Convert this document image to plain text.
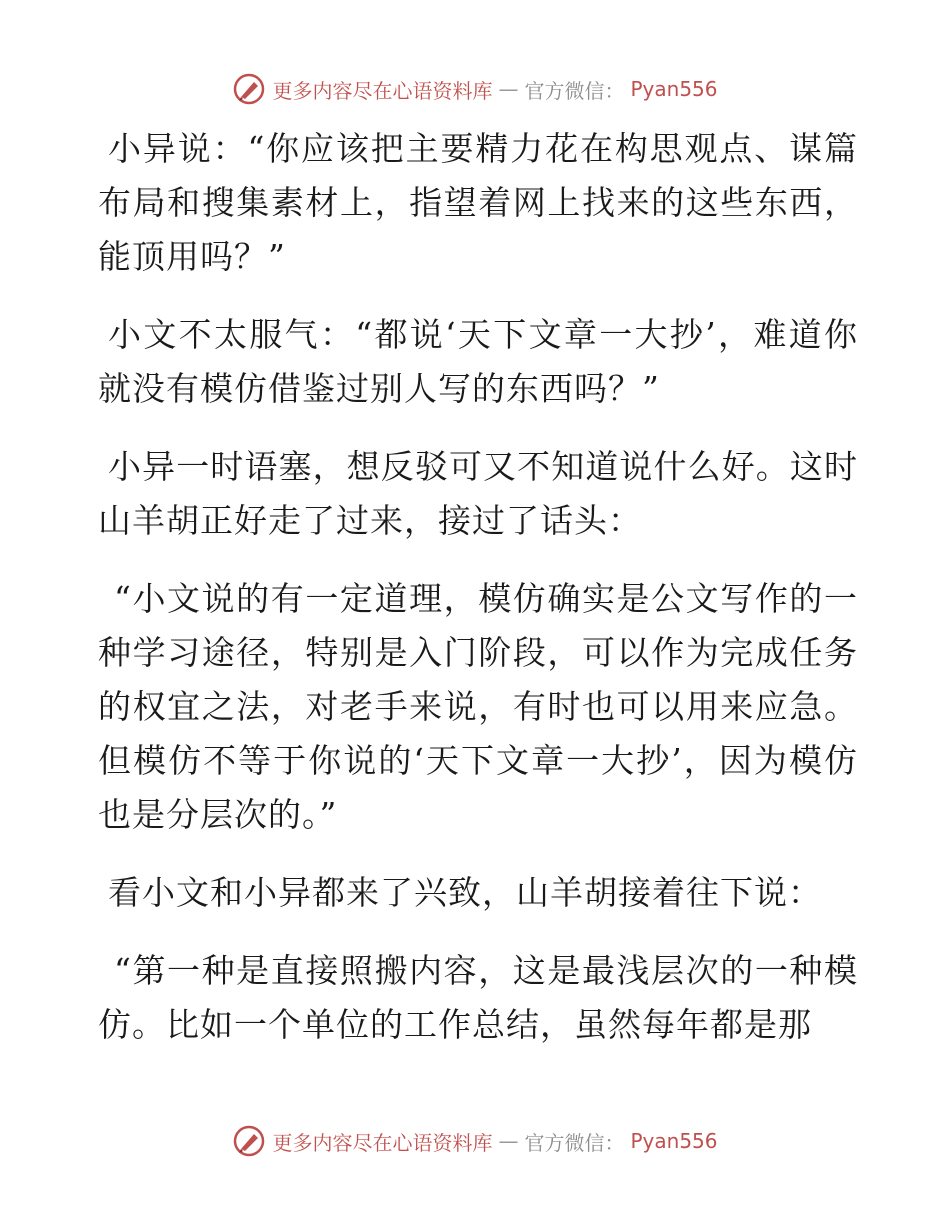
更多内容尽在心语资料库 — 官方微信： Pyan556

小异说：“你应该把主要精力花在构思观点、谋篇布局和搜集素材上，指望着网上找来的这些东西，能顶用吗？”

小文不太服气：“都说‘天下文章一大抄’，难道你就没有模仿借鉴过别人写的东西吗？”

小异一时语塞，想反驳可又不知道说什么好。这时山羊胡正好走了过来，接过了话头：

“小文说的有一定道理，模仿确实是公文写作的一种学习途径，特别是入门阶段，可以作为完成任务的权宜之法，对老手来说，有时也可以用来应急。但模仿不等于你说的‘天下文章一大抄’，因为模仿也是分层次的。”

看小文和小异都来了兴致，山羊胡接着往下说：

“第一种是直接照搬内容，这是最浅层次的一种模仿。比如一个单位的工作总结，虽然每年都是那

更多内容尽在心语资料库 — 官方微信： Pyan556
